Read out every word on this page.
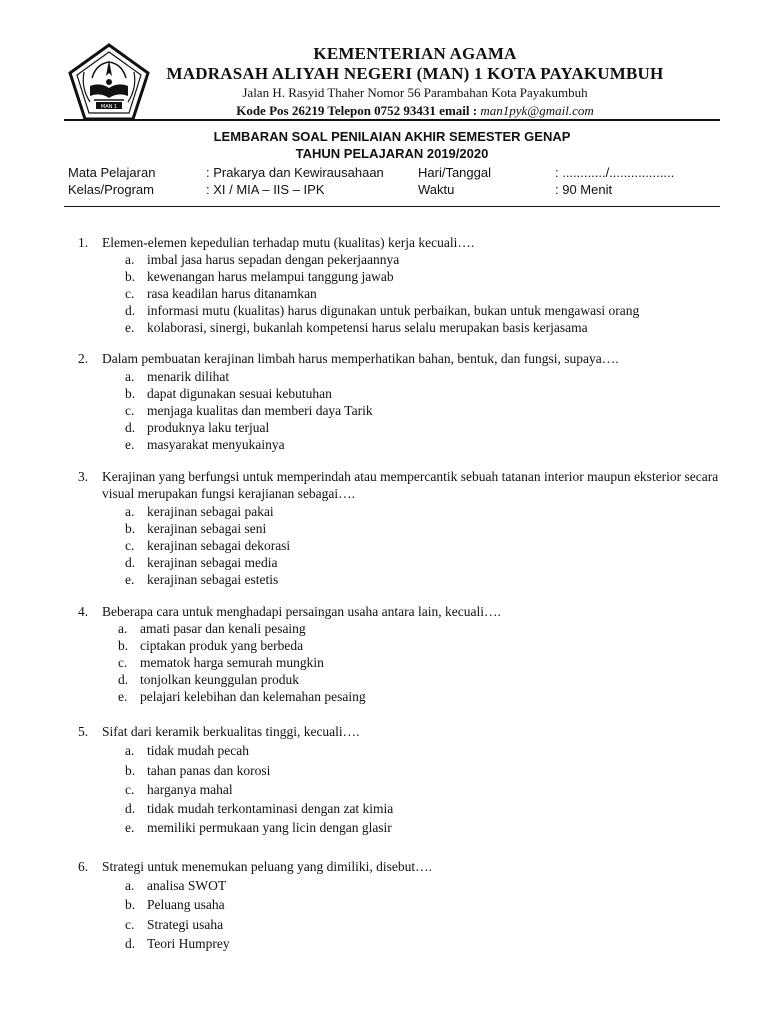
MAN 1
KEMENTERIAN AGAMA
MADRASAH ALIYAH NEGERI (MAN) 1 KOTA PAYAKUMBUH
Jalan H. Rasyid Thaher Nomor 56 Parambahan Kota Payakumbuh
Kode Pos 26219 Telepon 0752 93431 email : man1pyk@gmail.com
LEMBARAN SOAL PENILAIAN AKHIR SEMESTER GENAP
TAHUN PELAJARAN 2019/2020
Mata Pelajaran	: Prakarya dan Kewirausahaan	Hari/Tanggal	: ............/..................
Kelas/Program	: XI / MIA – IIS – IPK	Waktu	: 90 Menit
1.	Elemen-elemen kepedulian terhadap mutu (kualitas) kerja kecuali….
a. imbal jasa harus sepadan dengan pekerjaannya
b. kewenangan harus melampui tanggung jawab
c. rasa keadilan harus ditanamkan
d. informasi mutu (kualitas) harus digunakan untuk perbaikan, bukan untuk mengawasi orang
e. kolaborasi, sinergi, bukanlah kompetensi harus selalu merupakan basis kerjasama
2.	Dalam pembuatan kerajinan limbah harus memperhatikan bahan, bentuk, dan fungsi, supaya….
a. menarik dilihat
b. dapat digunakan sesuai kebutuhan
c. menjaga kualitas dan memberi daya Tarik
d. produknya laku terjual
e. masyarakat menyukainya
3.	Kerajinan yang berfungsi untuk memperindah atau mempercantik sebuah tatanan interior maupun eksterior secara visual merupakan fungsi kerajianan sebagai….
a. kerajinan sebagai pakai
b. kerajinan sebagai seni
c. kerajinan sebagai dekorasi
d. kerajinan sebagai media
e. kerajinan sebagai estetis
4.	Beberapa cara untuk menghadapi persaingan usaha antara lain, kecuali….
a. amati pasar dan kenali pesaing
b. ciptakan produk yang berbeda
c. mematok harga semurah mungkin
d. tonjolkan keunggulan produk
e. pelajari kelebihan dan kelemahan pesaing
5.	Sifat dari keramik berkualitas tinggi, kecuali….
a. tidak mudah pecah
b. tahan panas dan korosi
c. harganya mahal
d. tidak mudah terkontaminasi dengan zat kimia
e. memiliki permukaan yang licin dengan glasir
6.	Strategi untuk menemukan peluang yang dimiliki, disebut….
a. analisa SWOT
b. Peluang usaha
c. Strategi usaha
d. Teori Humprey
